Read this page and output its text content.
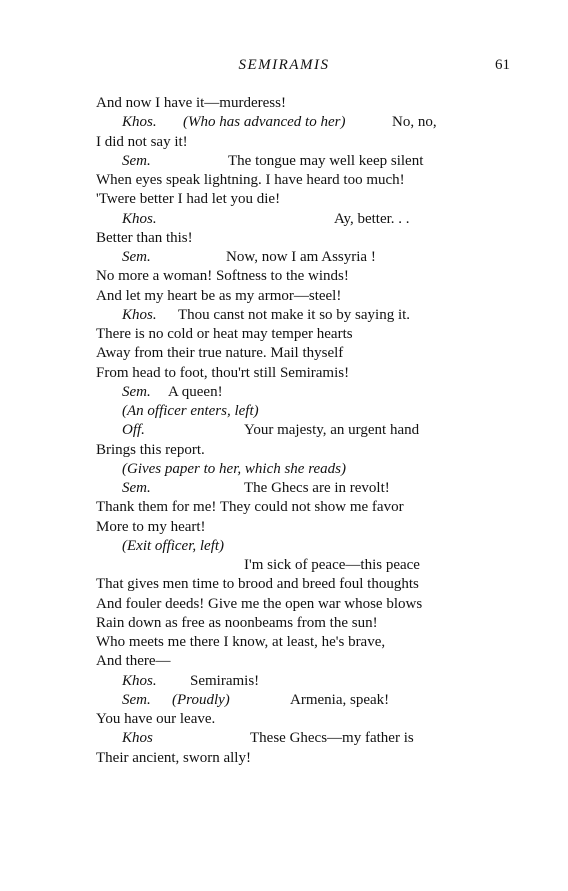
SEMIRAMIS	61
And now I have it—murderess!
Khos. (Who has advanced to her)	No, no,
I did not say it!
Sem.	The tongue may well keep silent
When eyes speak lightning. I have heard too much!
'Twere better I had let you die!
Khos.	Ay, better. . .
Better than this!
Sem.	Now, now I am Assyria !
No more a woman! Softness to the winds!
And let my heart be as my armor—steel!
Khos. Thou canst not make it so by saying it.
There is no cold or heat may temper hearts
Away from their true nature. Mail thyself
From head to foot, thou'rt still Semiramis!
Sem. A queen!
(An officer enters, left)
Off.	Your majesty, an urgent hand
Brings this report.
(Gives paper to her, which she reads)
Sem.	The Ghecs are in revolt!
Thank them for me! They could not show me favor
More to my heart!
(Exit officer, left)
I'm sick of peace—this peace
That gives men time to brood and breed foul thoughts
And fouler deeds! Give me the open war whose blows
Rain down as free as noonbeams from the sun!
Who meets me there I know, at least, he's brave,
And there—
Khos. Semiramis!
Sem. (Proudly)	Armenia, speak!
You have our leave.
Khos	These Ghecs—my father is
Their ancient, sworn ally!
